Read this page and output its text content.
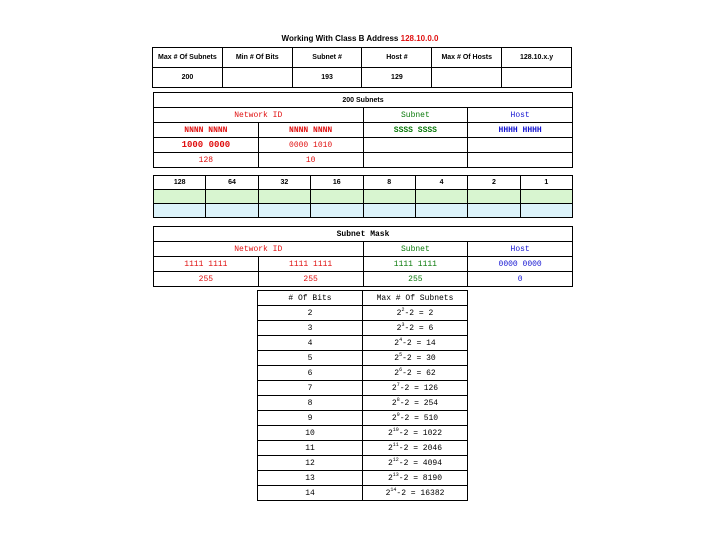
Working With Class B Address 128.10.0.0
Max # Of Subnets	Min # Of Bits	Subnet #	Host #	Max # Of Hosts	128.10.x.y
200		193	129		
200 Subnets			
Network ID		Subnet	Host
NNNN NNNN	NNNN NNNN	SSSS SSSS	HHHH HHHH
1000 0000	0000 1010		
128	10		
128	64	32	16	8	4	2	1

Subnet Mask			
Network ID		Subnet	Host
1111 1111	1111 1111	1111 1111	0000 0000
255	255	255	0
# Of Bits	Max # Of Subnets
2	$2^2-2 = 2$
3	$2^3-2 = 6$
4	$2^4-2 = 14$
5	$2^5-2 = 30$
6	$2^6-2 = 62$
7	$2^7-2 = 126$
8	$2^8-2 = 254$
9	$2^9-2 = 510$
10	$2^{10}-2 = 1022$
11	$2^{11}-2 = 2046$
12	$2^{12}-2 = 4094$
13	$2^{13}-2 = 8190$
14	$2^{14}-2 = 16382$
